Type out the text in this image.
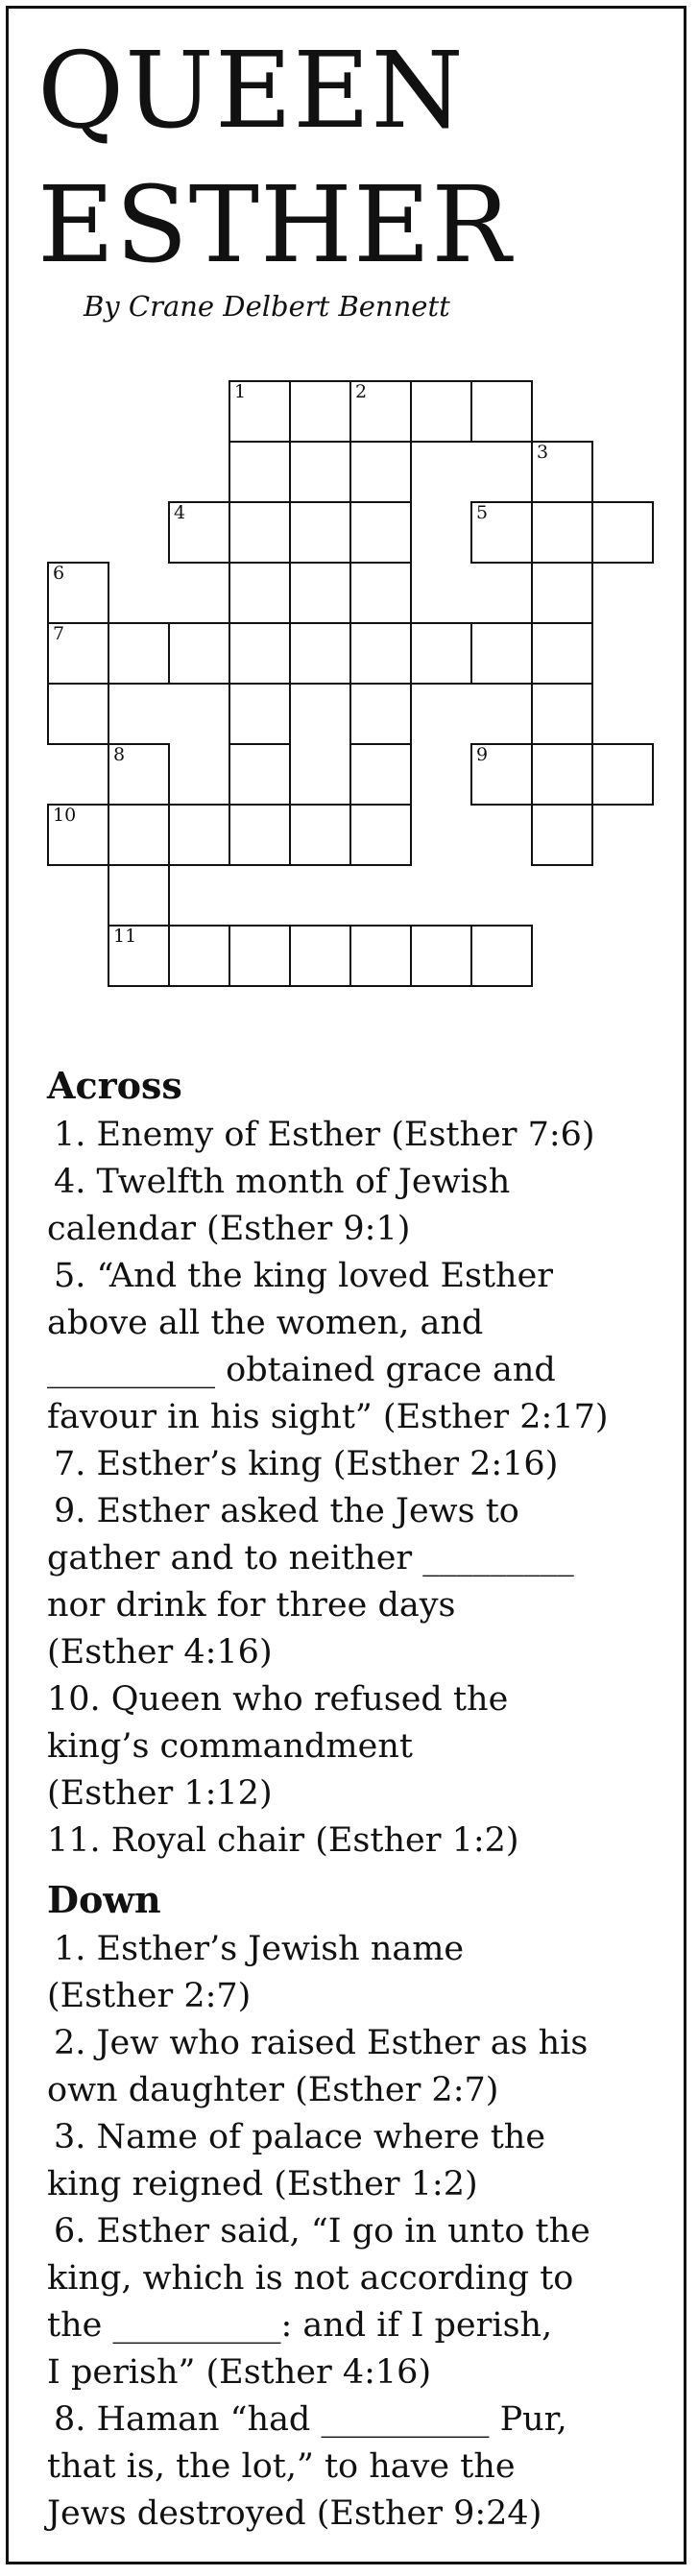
QUEEN
ESTHER
By Crane Delbert Bennett
1	2
3
4	5
6
7
8	9
10
11
Across
1. Enemy of Esther (Esther 7:6)
4. Twelfth month of Jewish
calendar (Esther 9:1)
5. “And the king loved Esther
above all the women, and
__________ obtained grace and
favour in his sight” (Esther 2:17)
7. Esther’s king (Esther 2:16)
9. Esther asked the Jews to
gather and to neither _________
nor drink for three days
(Esther 4:16)
10. Queen who refused the
king’s commandment
(Esther 1:12)
11. Royal chair (Esther 1:2)
Down
1. Esther’s Jewish name
(Esther 2:7)
2. Jew who raised Esther as his
own daughter (Esther 2:7)
3. Name of palace where the
king reigned (Esther 1:2)
6. Esther said, “I go in unto the
king, which is not according to
the __________: and if I perish,
I perish” (Esther 4:16)
8. Haman “had __________ Pur,
that is, the lot,” to have the
Jews destroyed (Esther 9:24)
